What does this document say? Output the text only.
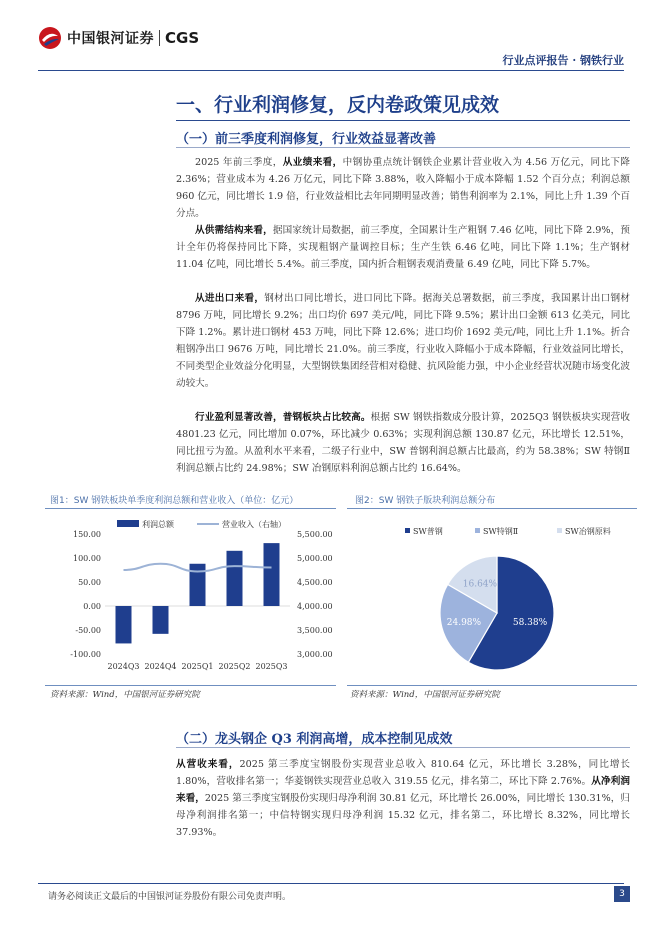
中国银河证券 CGS
行业点评报告 · 钢铁行业
一、行业利润修复，反内卷政策见成效
（一）前三季度利润修复，行业效益显著改善
2025 年前三季度，从业绩来看，中钢协重点统计钢铁企业累计营业收入为 4.56 万亿元，同比下降 2.36%；营业成本为 4.26 万亿元，同比下降 3.88%，收入降幅小于成本降幅 1.52 个百分点；利润总额 960 亿元，同比增长 1.9 倍，行业效益相比去年同期明显改善；销售利润率为 2.1%，同比上升 1.39 个百分点。
从供需结构来看，据国家统计局数据，前三季度，全国累计生产粗钢 7.46 亿吨，同比下降 2.9%，预计全年仍将保持同比下降，实现粗钢产量调控目标；生产生铁 6.46 亿吨，同比下降 1.1%；生产钢材 11.04 亿吨，同比增长 5.4%。前三季度，国内折合粗钢表观消费量 6.49 亿吨，同比下降 5.7%。
从进出口来看，钢材出口同比增长，进口同比下降。据海关总署数据，前三季度，我国累计出口钢材 8796 万吨，同比增长 9.2%；出口均价 697 美元/吨，同比下降 9.5%；累计出口金额 613 亿美元，同比下降 1.2%。累计进口钢材 453 万吨，同比下降 12.6%；进口均价 1692 美元/吨，同比上升 1.1%。折合粗钢净出口 9676 万吨，同比增长 21.0%。前三季度，行业收入降幅小于成本降幅，行业效益同比增长，不同类型企业效益分化明显，大型钢铁集团经营相对稳健、抗风险能力强，中小企业经营状况随市场变化波动较大。
行业盈利显著改善，普钢板块占比较高。根据 SW 钢铁指数成分股计算，2025Q3 钢铁板块实现营收 4801.23 亿元，同比增加 0.07%，环比减少 0.63%；实现利润总额 130.87 亿元，环比增长 12.51%，同比扭亏为盈。从盈利水平来看，二级子行业中，SW 普钢利润总额占比最高，约为 58.38%；SW 特钢Ⅱ利润总额占比约 24.98%；SW 冶钢原料利润总额占比约 16.64%。
图1：SW 钢铁板块单季度利润总额和营业收入（单位：亿元）	图2：SW 钢铁子版块利润总额分布
150.00
100.00
50.00
0.00
-50.00
-100.00
5,500.00
5,000.00
4,500.00
4,000.00
3,500.00
3,000.00
2024Q3 2024Q4 2025Q1 2025Q2 2025Q3
利润总额	营业收入（右轴）
SW普钢	SW特钢Ⅱ	SW冶钢原料
58.38%
24.98%
16.64%
资料来源：Wind，中国银河证券研究院	资料来源：Wind，中国银河证券研究院
（二）龙头钢企 Q3 利润高增，成本控制见成效
从营收来看，2025 第三季度宝钢股份实现营业总收入 810.64 亿元，环比增长 3.28%，同比增长 1.80%，营收排名第一；华菱钢铁实现营业总收入 319.55 亿元，排名第二，环比下降 2.76%。从净利润来看，2025 第三季度宝钢股份实现归母净利润 30.81 亿元，环比增长 26.00%，同比增长 130.31%，归母净利润排名第一；中信特钢实现归母净利润 15.32 亿元，排名第二，环比增长 8.32%，同比增长 37.93%。
请务必阅读正文最后的中国银河证券股份有限公司免责声明。	3
